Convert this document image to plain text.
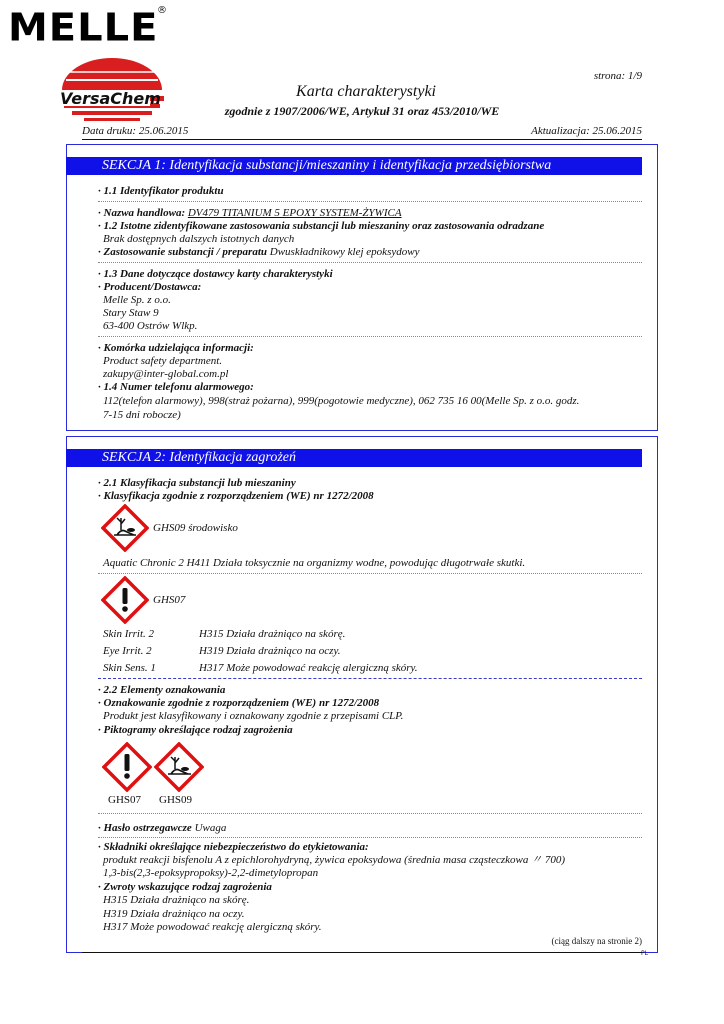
MELLE
®
VersaChem
strona: 1/9
Karta charakterystyki
zgodnie z 1907/2006/WE, Artykuł 31 oraz 453/2010/WE
Data druku: 25.06.2015	Aktualizacja: 25.06.2015
SEKCJA 1: Identyfikacja substancji/mieszaniny i identyfikacja przedsiębiorstwa
· 1.1 Identyfikator produktu
· Nazwa handlowa: DV479 TITANIUM 5 EPOXY SYSTEM-ŻYWICA
· 1.2 Istotne zidentyfikowane zastosowania substancji lub mieszaniny oraz zastosowania odradzane
Brak dostępnych dalszych istotnych danych
· Zastosowanie substancji / preparatu Dwuskładnikowy klej epoksydowy
· 1.3 Dane dotyczące dostawcy karty charakterystyki
· Producent/Dostawca:
Melle Sp. z o.o.
Stary Staw 9
63-400 Ostrów Wlkp.
· Komórka udzielająca informacji:
Product safety department.
zakupy@inter-global.com.pl
· 1.4 Numer telefonu alarmowego:
112(telefon alarmowy), 998(straż pożarna), 999(pogotowie medyczne), 062 735 16 00(Melle Sp. z o.o. godz.
7-15 dni robocze)
SEKCJA 2: Identyfikacja zagrożeń
· 2.1 Klasyfikacja substancji lub mieszaniny
· Klasyfikacja zgodnie z rozporządzeniem (WE) nr 1272/2008
GHS09 środowisko
Aquatic Chronic 2 H411 Działa toksycznie na organizmy wodne, powodując długotrwałe skutki.
GHS07
Skin Irrit. 2	H315 Działa drażniąco na skórę.
Eye Irrit. 2	H319 Działa drażniąco na oczy.
Skin Sens. 1	H317 Może powodować reakcję alergiczną skóry.
· 2.2 Elementy oznakowania
· Oznakowanie zgodnie z rozporządzeniem (WE) nr 1272/2008
Produkt jest klasyfikowany i oznakowany zgodnie z przepisami CLP.
· Piktogramy określające rodzaj zagrożenia
GHS07 GHS09
· Hasło ostrzegawcze Uwaga
· Składniki określające niebezpieczeństwo do etykietowania:
produkt reakcji bisfenolu A z epichlorohydryną, żywica epoksydowa (średnia masa cząsteczkowa 〃 700)
1,3-bis(2,3-epoksypropoksy)-2,2-dimetylopropan
· Zwroty wskazujące rodzaj zagrożenia
H315 Działa drażniąco na skórę.
H319 Działa drażniąco na oczy.
H317 Może powodować reakcję alergiczną skóry.
(ciąg dalszy na stronie 2)
PL
